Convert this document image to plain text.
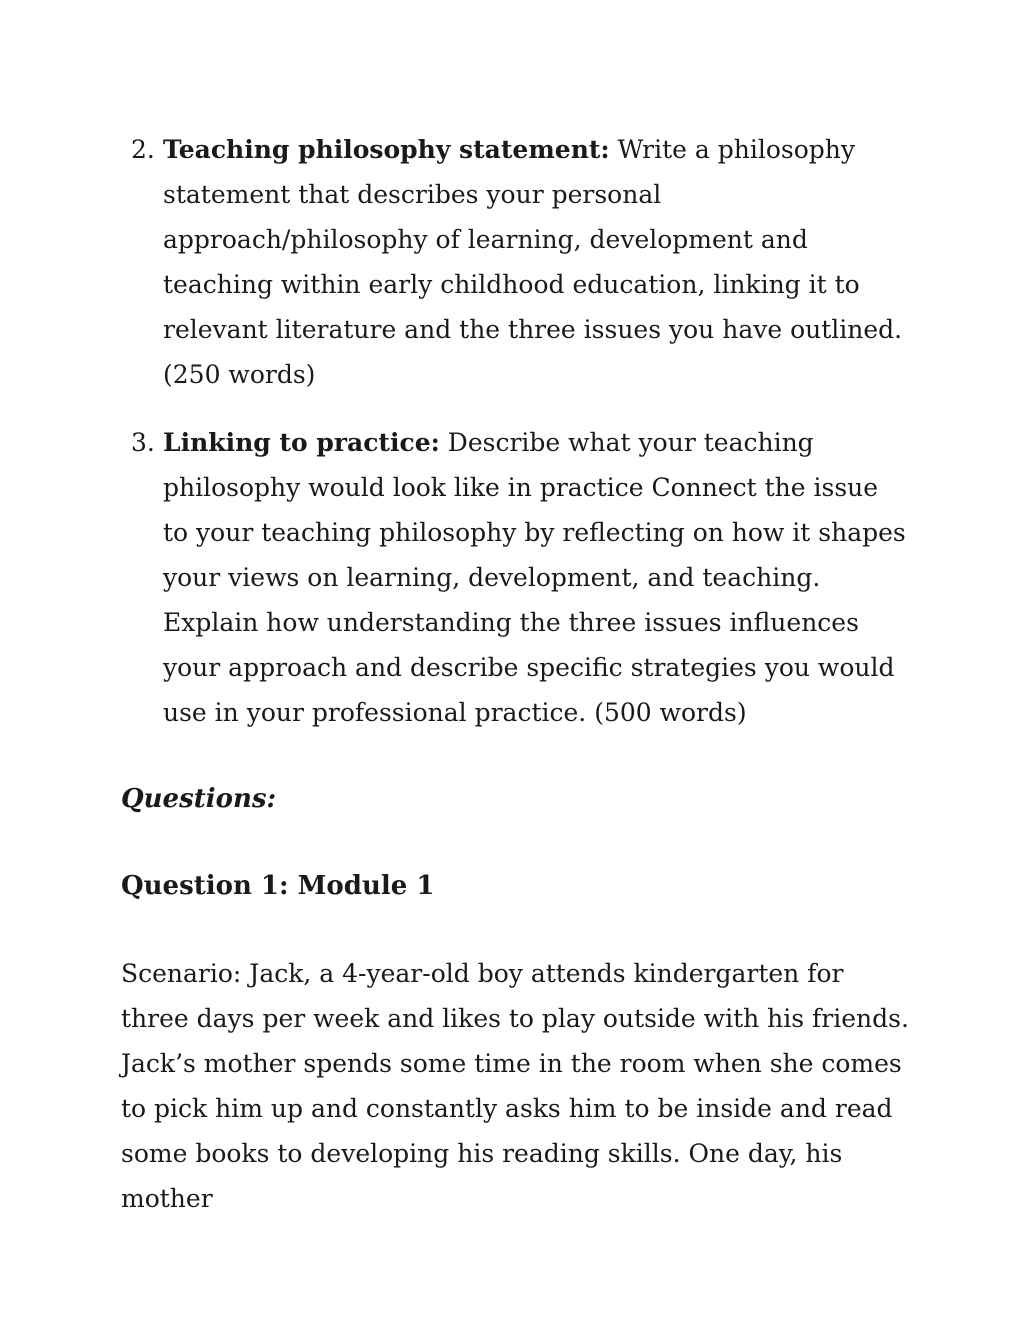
2. Teaching philosophy statement: Write a philosophy statement that describes your personal approach/philosophy of learning, development and teaching within early childhood education, linking it to relevant literature and the three issues you have outlined. (250 words)
3. Linking to practice: Describe what your teaching philosophy would look like in practice Connect the issue to your teaching philosophy by reflecting on how it shapes your views on learning, development, and teaching. Explain how understanding the three issues influences your approach and describe specific strategies you would use in your professional practice. (500 words)
Questions:
Question 1: Module 1

Scenario: Jack, a 4-year-old boy attends kindergarten for three days per week and likes to play outside with his friends. Jack’s mother spends some time in the room when she comes to pick him up and constantly asks him to be inside and read some books to developing his reading skills. One day, his mother
